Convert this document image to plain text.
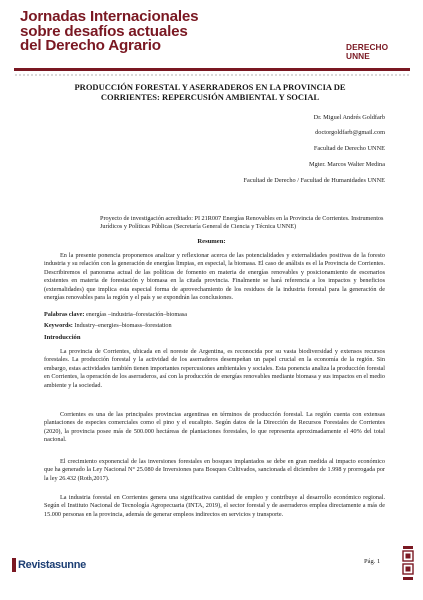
Jornadas Internacionales
sobre desafíos actuales
del Derecho Agrario	DERECHO
UNNE
PRODUCCIÓN FORESTAL Y ASERRADEROS EN LA PROVINCIA DE
CORRIENTES: REPERCUSIÓN AMBIENTAL Y SOCIAL
Dr. Miguel Andrés Goldfarb
doctorgoldfarb@gmail.com
Facultad de Derecho UNNE
Mgter. Marcos Walter Medina
Facultad de Derecho / Facultad de Humanidades UNNE
Proyecto de investigación acreditado: PI 21R007 Energías Renovables en la Provincia de Corrientes. Instrumentos Jurídicos y Políticas Públicas (Secretaría General de Ciencia y Técnica UNNE)
Resumen:
En la presente ponencia proponemos analizar y reflexionar acerca de las potencialidades y externalidades positivas de la foresto industria y su relación con la generación de energías limpias, en especial, la biomasa. El caso de análisis es el la Provincia de Corrientes. Describiremos el panorama actual de las políticas de fomento en materia de energías renovables y posicionamiento de escenarios existentes en materia de forestación y biomasa en la citada provincia. Finalmente se hará referencia a los impactos y beneficios (externalidades) que implica esta especial forma de aprovechamiento de los residuos de la industria forestal para la generación de energías renovables para la región y el país y se expondrán las conclusiones.
Palabras clave: energías –industria–forestación–biomasa
Keywords: Industry–energies–biomass–forestation
Introducción
La provincia de Corrientes, ubicada en el noreste de Argentina, es reconocida por su vasta biodiversidad y extensos recursos forestales. La producción forestal y la actividad de los aserraderos desempeñan un papel crucial en la economía de la región. Sin embargo, estas actividades también tienen importantes repercusiones ambientales y sociales. Esta ponencia analiza la producción forestal en Corrientes, la operación de los aserraderos, así con la producción de energías renovables mediante biomasa y sus impactos en el medio ambiente y la sociedad.
Corrientes es una de las principales provincias argentinas en términos de producción forestal. La región cuenta con extensas plantaciones de especies comerciales como el pino y el eucalipto. Según datos de la Dirección de Recursos Forestales de Corrientes (2020), la provincia posee más de 500.000 hectáreas de plantaciones forestales, lo que representa aproximadamente el 40% del total nacional.
El crecimiento exponencial de las inversiones forestales en bosques implantados se debe en gran medida al impacto económico que ha generado la Ley Nacional N° 25.080 de Inversiones para Bosques Cultivados, sancionada el diciembre de 1.998 y prorrogada por la ley 26.432 (Roth,2017).
La industria forestal en Corrientes genera una significativa cantidad de empleo y contribuye al desarrollo económico regional. Según el Instituto Nacional de Tecnología Agropecuaria (INTA, 2019), el sector forestal y de aserraderos emplea directamente a más de 15.000 personas en la provincia, además de generar empleos indirectos en servicios y transporte.
Revistasunne	Pág. 1
